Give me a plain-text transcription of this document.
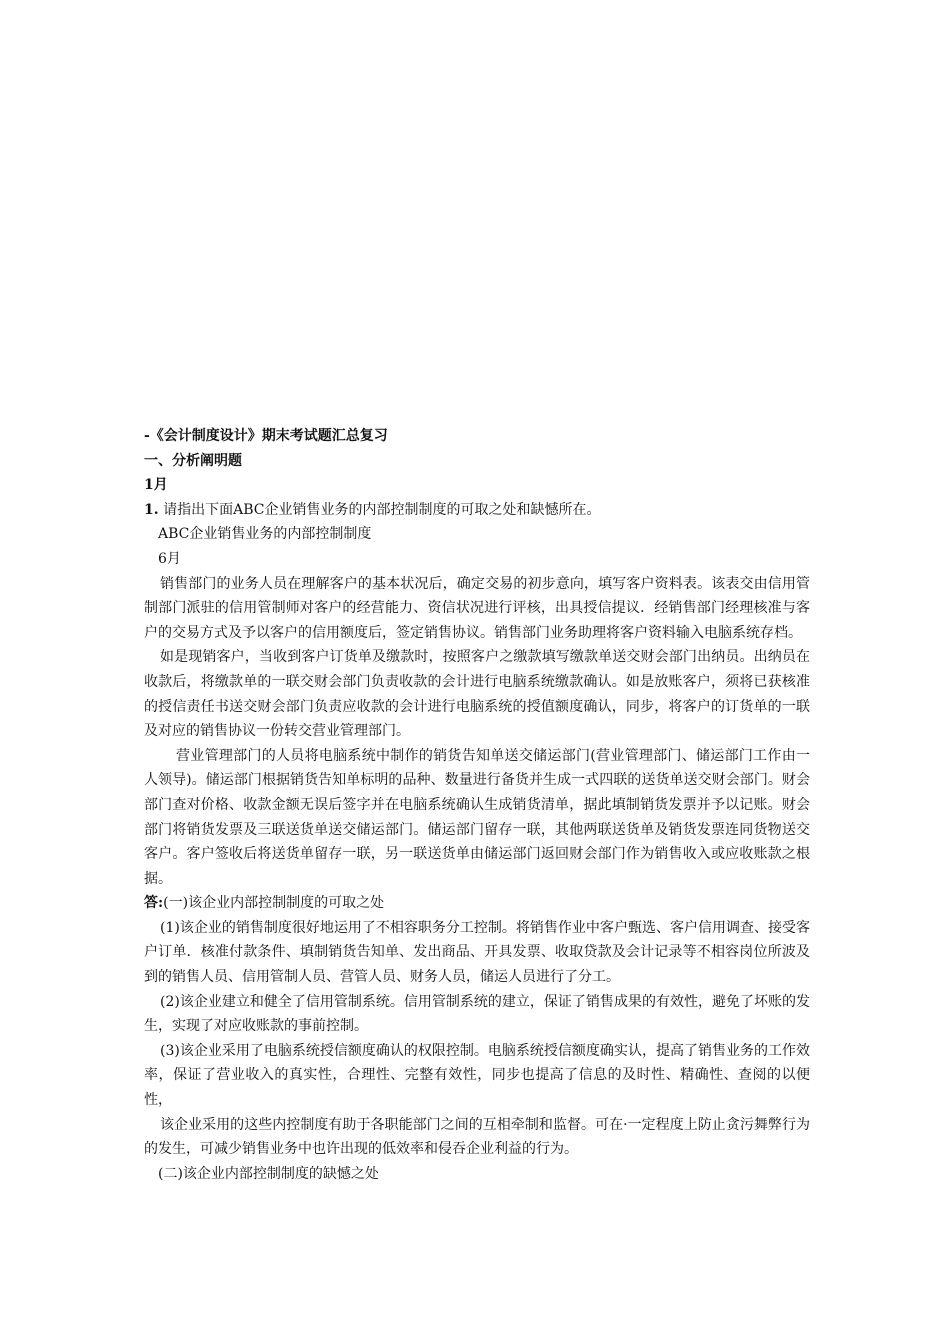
-《会计制度设计》期末考试题汇总复习
一、分析阐明题
1月
1. 请指出下面ABC企业销售业务的内部控制制度的可取之处和缺憾所在。
ABC企业销售业务的内部控制制度
6月
销售部门的业务人员在理解客户的基本状况后，确定交易的初步意向，填写客户资料表。该表交由信用管制部门派驻的信用管制师对客户的经营能力、资信状况进行评核，出具授信提议．经销售部门经理核准与客户的交易方式及予以客户的信用额度后，签定销售协议。销售部门业务助理将客户资料输入电脑系统存档。
如是现销客户，当收到客户订货单及缴款时，按照客户之缴款填写缴款单送交财会部门出纳员。出纳员在收款后，将缴款单的一联交财会部门负责收款的会计进行电脑系统缴款确认。如是放账客户，须将已获核准的授信责任书送交财会部门负责应收款的会计进行电脑系统的授值额度确认，同步，将客户的订货单的一联及对应的销售协议一份转交营业管理部门。
营业管理部门的人员将电脑系统中制作的销货告知单送交储运部门(营业管理部门、储运部门工作由一人领导)。储运部门根据销货告知单标明的品种、数量进行备货并生成一式四联的送货单送交财会部门。财会部门查对价格、收款金额无误后签字并在电脑系统确认生成销货清单，据此填制销货发票并予以记账。财会部门将销货发票及三联送货单送交储运部门。储运部门留存一联，其他两联送货单及销货发票连同货物送交客户。客户签收后将送货单留存一联，另一联送货单由储运部门返回财会部门作为销售收入或应收账款之根据。
答:(一)该企业内部控制制度的可取之处
(1)该企业的销售制度很好地运用了不相容职务分工控制。将销售作业中客户甄选、客户信用调查、接受客户订单．核准付款条件、填制销货告知单、发出商品、开具发票、收取贷款及会计记录等不相容岗位所波及到的销售人员、信用管制人员、营管人员、财务人员，储运人员进行了分工。
(2)该企业建立和健全了信用管制系统。信用管制系统的建立，保证了销售成果的有效性，避免了坏账的发生，实现了对应收账款的事前控制。
(3)该企业采用了电脑系统授信额度确认的权限控制。电脑系统授信额度确实认，提高了销售业务的工作效率，保证了营业收入的真实性，合理性、完整有效性，同步也提高了信息的及时性、精确性、查阅的以便性，
该企业采用的这些内控制度有助于各职能部门之间的互相牵制和监督。可在·一定程度上防止贪污舞弊行为的发生，可减少销售业务中也许出现的低效率和侵吞企业利益的行为。
(二)该企业内部控制制度的缺憾之处
